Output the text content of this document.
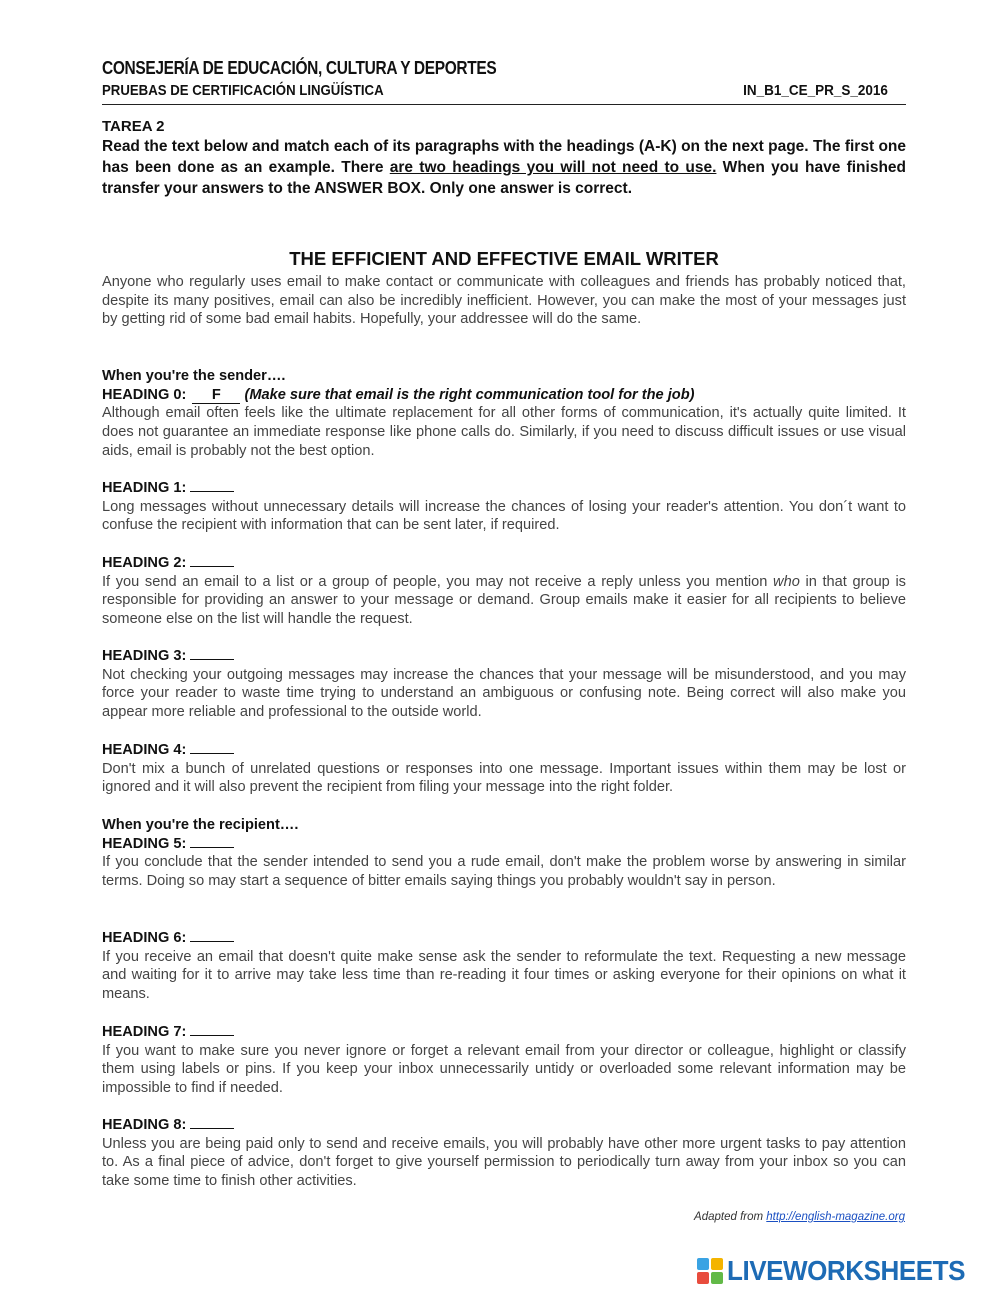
CONSEJERÍA DE EDUCACIÓN, CULTURA Y DEPORTES
PRUEBAS DE CERTIFICACIÓN LINGÜÍSTICA	IN_B1_CE_PR_S_2016
TAREA 2
Read the text below and match each of its paragraphs with the headings (A-K) on the next page. The first one has been done as an example. There are two headings you will not need to use. When you have finished transfer your answers to the ANSWER BOX. Only one answer is correct.
THE EFFICIENT AND EFFECTIVE EMAIL WRITER
Anyone who regularly uses email to make contact or communicate with colleagues and friends has probably noticed that, despite its many positives, email can also be incredibly inefficient. However, you can make the most of your messages just by getting rid of some bad email habits. Hopefully, your addressee will do the same.
When you're the sender….
HEADING 0: F (Make sure that email is the right communication tool for the job)
Although email often feels like the ultimate replacement for all other forms of communication, it's actually quite limited. It does not guarantee an immediate response like phone calls do. Similarly, if you need to discuss difficult issues or use visual aids, email is probably not the best option.
HEADING 1:
Long messages without unnecessary details will increase the chances of losing your reader's attention. You don´t want to confuse the recipient with information that can be sent later, if required.
HEADING 2:
If you send an email to a list or a group of people, you may not receive a reply unless you mention who in that group is responsible for providing an answer to your message or demand. Group emails make it easier for all recipients to believe someone else on the list will handle the request.
HEADING 3:
Not checking your outgoing messages may increase the chances that your message will be misunderstood, and you may force your reader to waste time trying to understand an ambiguous or confusing note. Being correct will also make you appear more reliable and professional to the outside world.
HEADING 4:
Don't mix a bunch of unrelated questions or responses into one message. Important issues within them may be lost or ignored and it will also prevent the recipient from filing your message into the right folder.
When you're the recipient….
HEADING 5:
If you conclude that the sender intended to send you a rude email, don't make the problem worse by answering in similar terms. Doing so may start a sequence of bitter emails saying things you probably wouldn't say in person.
HEADING 6:
If you receive an email that doesn't quite make sense ask the sender to reformulate the text. Requesting a new message and waiting for it to arrive may take less time than re-reading it four times or asking everyone for their opinions on what it means.
HEADING 7:
If you want to make sure you never ignore or forget a relevant email from your director or colleague, highlight or classify them using labels or pins. If you keep your inbox unnecessarily untidy or overloaded some relevant information may be impossible to find if needed.
HEADING 8:
Unless you are being paid only to send and receive emails, you will probably have other more urgent tasks to pay attention to. As a final piece of advice, don't forget to give yourself permission to periodically turn away from your inbox so you can take some time to finish other activities.
Adapted from http://english-magazine.org
LIVEWORKSHEETS
